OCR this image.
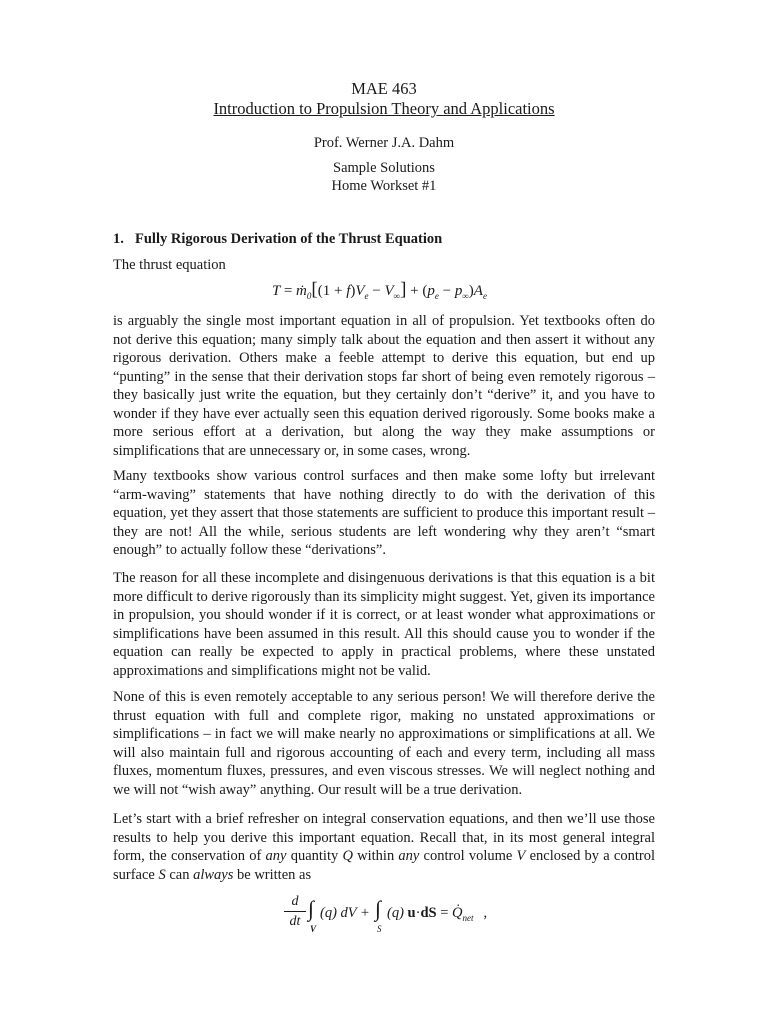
MAE 463
Introduction to Propulsion Theory and Applications
Prof. Werner J.A. Dahm
Sample Solutions
Home Workset #1
1. Fully Rigorous Derivation of the Thrust Equation
The thrust equation
T = ṁ$_0$[(1 + $f)V_e - V_\infty] + (p_e - p_\infty)A_e$

is arguably the single most important equation in all of propulsion. Yet textbooks often do not derive this equation; many simply talk about the equation and then assert it without any rigorous derivation. Others make a feeble attempt to derive this equation, but end up “punting” in the sense that their derivation stops far short of being even remotely rigorous – they basically just write the equation, but they certainly don’t “derive” it, and you have to wonder if they have ever actually seen this equation derived rigorously. Some books make a more serious effort at a derivation, but along the way they make assumptions or simplifications that are unnecessary or, in some cases, wrong.

Many textbooks show various control surfaces and then make some lofty but irrelevant “arm-waving” statements that have nothing directly to do with the derivation of this equation, yet they assert that those statements are sufficient to produce this important result – they are not! All the while, serious students are left wondering why they aren’t “smart enough” to actually follow these “derivations”.

The reason for all these incomplete and disingenuous derivations is that this equation is a bit more difficult to derive rigorously than its simplicity might suggest. Yet, given its importance in propulsion, you should wonder if it is correct, or at least wonder what approximations or simplifications have been assumed in this result. All this should cause you to wonder if the equation can really be expected to apply in practical problems, where these unstated approximations and simplifications might not be valid.

None of this is even remotely acceptable to any serious person! We will therefore derive the thrust equation with full and complete rigor, making no unstated approximations or simplifications – in fact we will make nearly no approximations or simplifications at all. We will also maintain full and rigorous accounting of each and every term, including all mass fluxes, momentum fluxes, pressures, and even viscous stresses. We will neglect nothing and we will not “wish away” anything. Our result will be a true derivation.

Let’s start with a brief refresher on integral conservation equations, and then we’ll use those results to help you derive this important equation. Recall that, in its most general integral form, the conservation of any quantity Q within any control volume V enclosed by a control surface S can always be written as

d
dt
∫
V
(q) dV + ∫
S
(q) $u\cdot dS = Q̇_{net}$ ,
